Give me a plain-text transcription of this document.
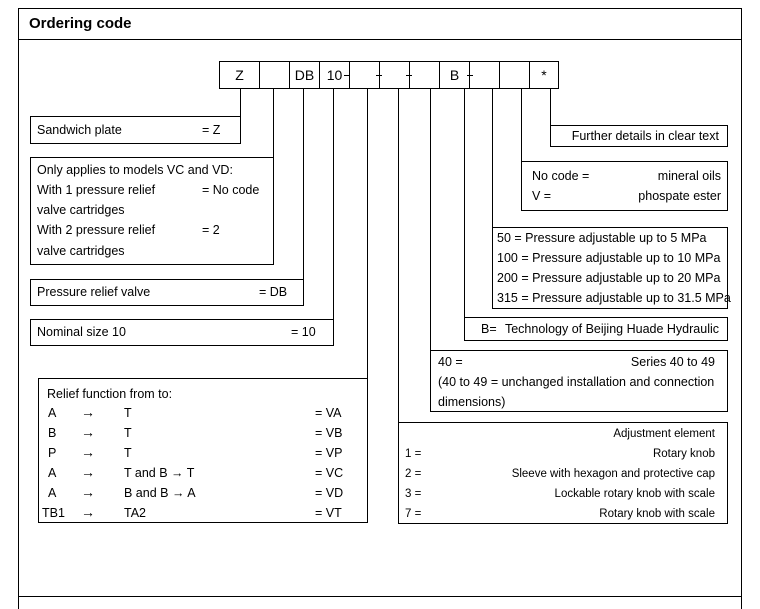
Ordering code
Z	DB 10	B	*
Sandwich plate	= Z
Only applies to models VC and VD:
With 1 pressure relief	= No code
valve cartridges
With 2 pressure relief	= 2
valve cartridges
Pressure relief valve	= DB
Nominal size 10	= 10
Relief function from to:
A → T	= VA
B → T	= VB
P → T	= VP
A → T and B → T	= VC
A → B and B → A	= VD
TB1 → TA2	= VT
Further details in clear text
No code =	mineral oils
V =	phospate ester
50 = Pressure adjustable up to 5 MPa
100 = Pressure adjustable up to 10 MPa
200 = Pressure adjustable up to 20 MPa
315 = Pressure adjustable up to 31.5 MPa
B= Technology of Beijing Huade Hydraulic
40 =	Series 40 to 49
(40 to 49 = unchanged installation and connection
dimensions)
Adjustment element
1 =	Rotary knob
2 =	Sleeve with hexagon and protective cap
3 =	Lockable rotary knob with scale
7 =	Rotary knob with scale
